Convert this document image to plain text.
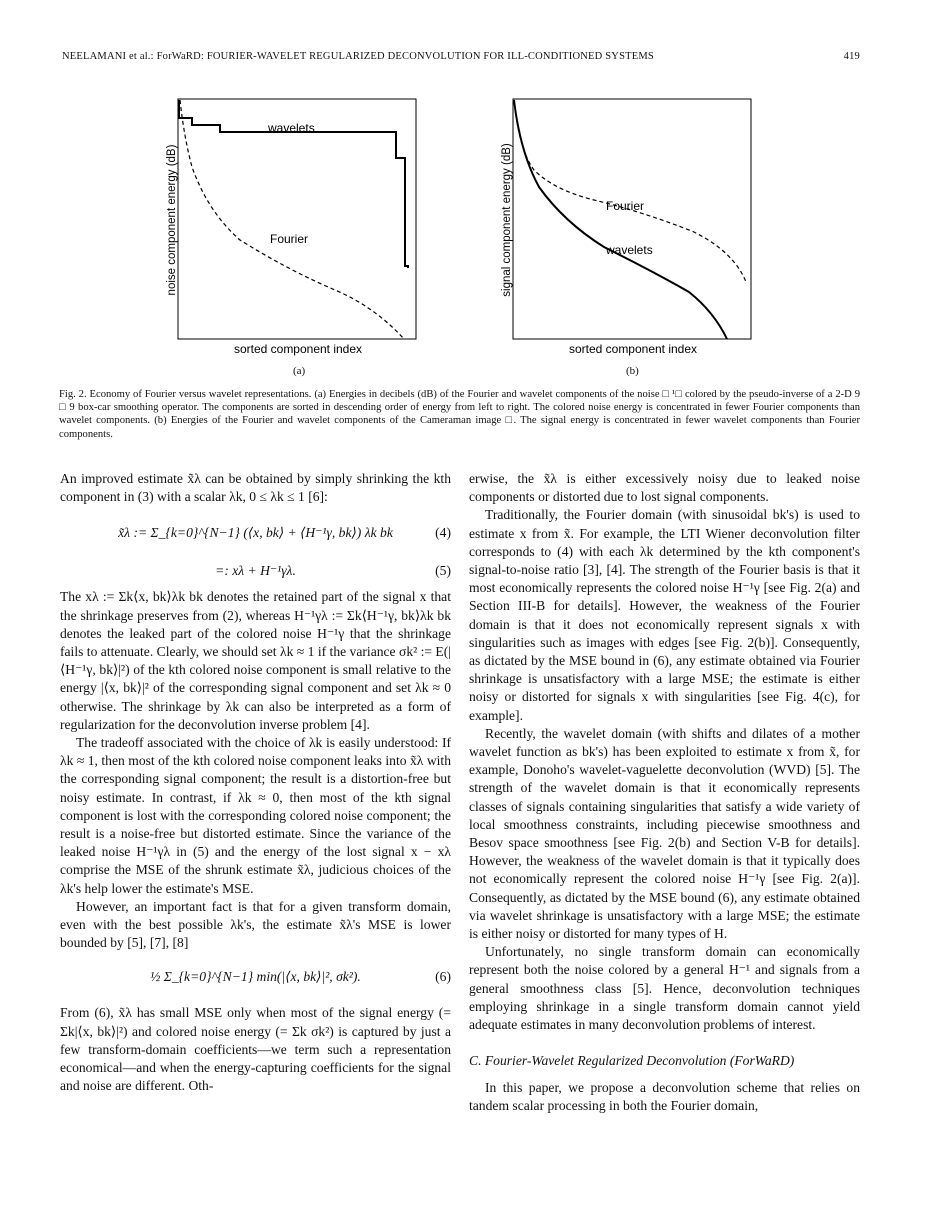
NEELAMANI et al.: ForWaRD: FOURIER-WAVELET REGULARIZED DECONVOLUTION FOR ILL-CONDITIONED SYSTEMS	419
wavelets
Fourier
noise component energy (dB)
sorted component index
Fourier
wavelets
signal component energy (dB)
sorted component index
(a)	(b)
Fig. 2. Economy of Fourier versus wavelet representations. (a) Energies in decibels (dB) of the Fourier and wavelet components of the noise □ ¹□ colored by the pseudo-inverse of a 2-D 9 □ 9 box-car smoothing operator. The components are sorted in descending order of energy from left to right. The colored noise energy is concentrated in fewer Fourier components than wavelet components. (b) Energies of the Fourier and wavelet components of the Cameraman image □. The signal energy is concentrated in fewer wavelet components than Fourier components.

An improved estimate x̃λ can be obtained by simply shrinking the kth component in (3) with a scalar λk, 0 ≤ λk ≤ 1 [6]:

x̃λ := Σ_{k=0}^{N−1} (⟨x, bk⟩ + ⟨H⁻¹γ, bk⟩) λk bk	(4)
=: xλ + H⁻¹γλ.	(5)

The xλ := Σk⟨x, bk⟩λk bk denotes the retained part of the signal x that the shrinkage preserves from (2), whereas H⁻¹γλ := Σk⟨H⁻¹γ, bk⟩λk bk denotes the leaked part of the colored noise H⁻¹γ that the shrinkage fails to attenuate. Clearly, we should set λk ≈ 1 if the variance σk² := E(|⟨H⁻¹γ, bk⟩|²) of the kth colored noise component is small relative to the energy |⟨x, bk⟩|² of the corresponding signal component and set λk ≈ 0 otherwise. The shrinkage by λk can also be interpreted as a form of regularization for the deconvolution inverse problem [4].

The tradeoff associated with the choice of λk is easily understood: If λk ≈ 1, then most of the kth colored noise component leaks into x̃λ with the corresponding signal component; the result is a distortion-free but noisy estimate. In contrast, if λk ≈ 0, then most of the kth signal component is lost with the corresponding colored noise component; the result is a noise-free but distorted estimate. Since the variance of the leaked noise H⁻¹γλ in (5) and the energy of the lost signal x − xλ comprise the MSE of the shrunk estimate x̃λ, judicious choices of the λk's help lower the estimate's MSE.

However, an important fact is that for a given transform domain, even with the best possible λk's, the estimate x̃λ's MSE is lower bounded by [5], [7], [8]

½ Σ_{k=0}^{N−1} min(|⟨x, bk⟩|², σk²).	(6)

From (6), x̃λ has small MSE only when most of the signal energy (= Σk|⟨x, bk⟩|²) and colored noise energy (= Σk σk²) is captured by just a few transform-domain coefficients—we term such a representation economical—and when the energy-capturing coefficients for the signal and noise are different. Oth-

erwise, the x̃λ is either excessively noisy due to leaked noise components or distorted due to lost signal components.

Traditionally, the Fourier domain (with sinusoidal bk's) is used to estimate x from x̃. For example, the LTI Wiener deconvolution filter corresponds to (4) with each λk determined by the kth component's signal-to-noise ratio [3], [4]. The strength of the Fourier basis is that it most economically represents the colored noise H⁻¹γ [see Fig. 2(a) and Section III-B for details]. However, the weakness of the Fourier domain is that it does not economically represent signals x with singularities such as images with edges [see Fig. 2(b)]. Consequently, as dictated by the MSE bound in (6), any estimate obtained via Fourier shrinkage is unsatisfactory with a large MSE; the estimate is either noisy or distorted for signals x with singularities [see Fig. 4(c), for example].

Recently, the wavelet domain (with shifts and dilates of a mother wavelet function as bk's) has been exploited to estimate x from x̃, for example, Donoho's wavelet-vaguelette deconvolution (WVD) [5]. The strength of the wavelet domain is that it economically represents classes of signals containing singularities that satisfy a wide variety of local smoothness constraints, including piecewise smoothness and Besov space smoothness [see Fig. 2(b) and Section V-B for details]. However, the weakness of the wavelet domain is that it typically does not economically represent the colored noise H⁻¹γ [see Fig. 2(a)]. Consequently, as dictated by the MSE bound (6), any estimate obtained via wavelet shrinkage is unsatisfactory with a large MSE; the estimate is either noisy or distorted for many types of H.

Unfortunately, no single transform domain can economically represent both the noise colored by a general H⁻¹ and signals from a general smoothness class [5]. Hence, deconvolution techniques employing shrinkage in a single transform domain cannot yield adequate estimates in many deconvolution problems of interest.

C. Fourier-Wavelet Regularized Deconvolution (ForWaRD)

In this paper, we propose a deconvolution scheme that relies on tandem scalar processing in both the Fourier domain,
